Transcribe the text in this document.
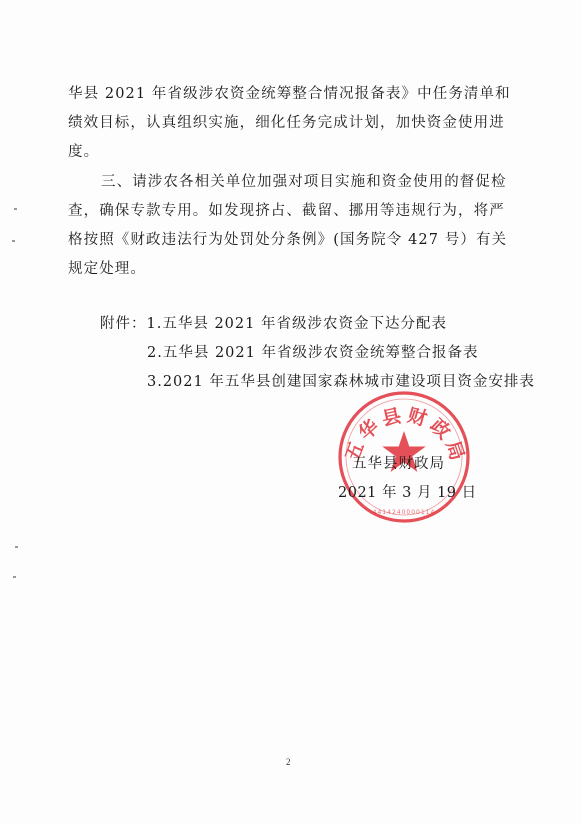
华县 2021 年省级涉农资金统筹整合情况报备表》中任务清单和绩效目标，认真组织实施，细化任务完成计划，加快资金使用进度。

三、请涉农各相关单位加强对项目实施和资金使用的督促检查，确保专款专用。如发现挤占、截留、挪用等违规行为，将严格按照《财政违法行为处罚处分条例》(国务院令 427 号）有关规定处理。

附件：1.五华县 2021 年省级涉农资金下达分配表
2.五华县 2021 年省级涉农资金统筹整合报备表
3.2021 年五华县创建国家森林城市建设项目资金安排表
五华县财政局
4414240000114
五华县财政局
2021 年 3 月 19 日
2
